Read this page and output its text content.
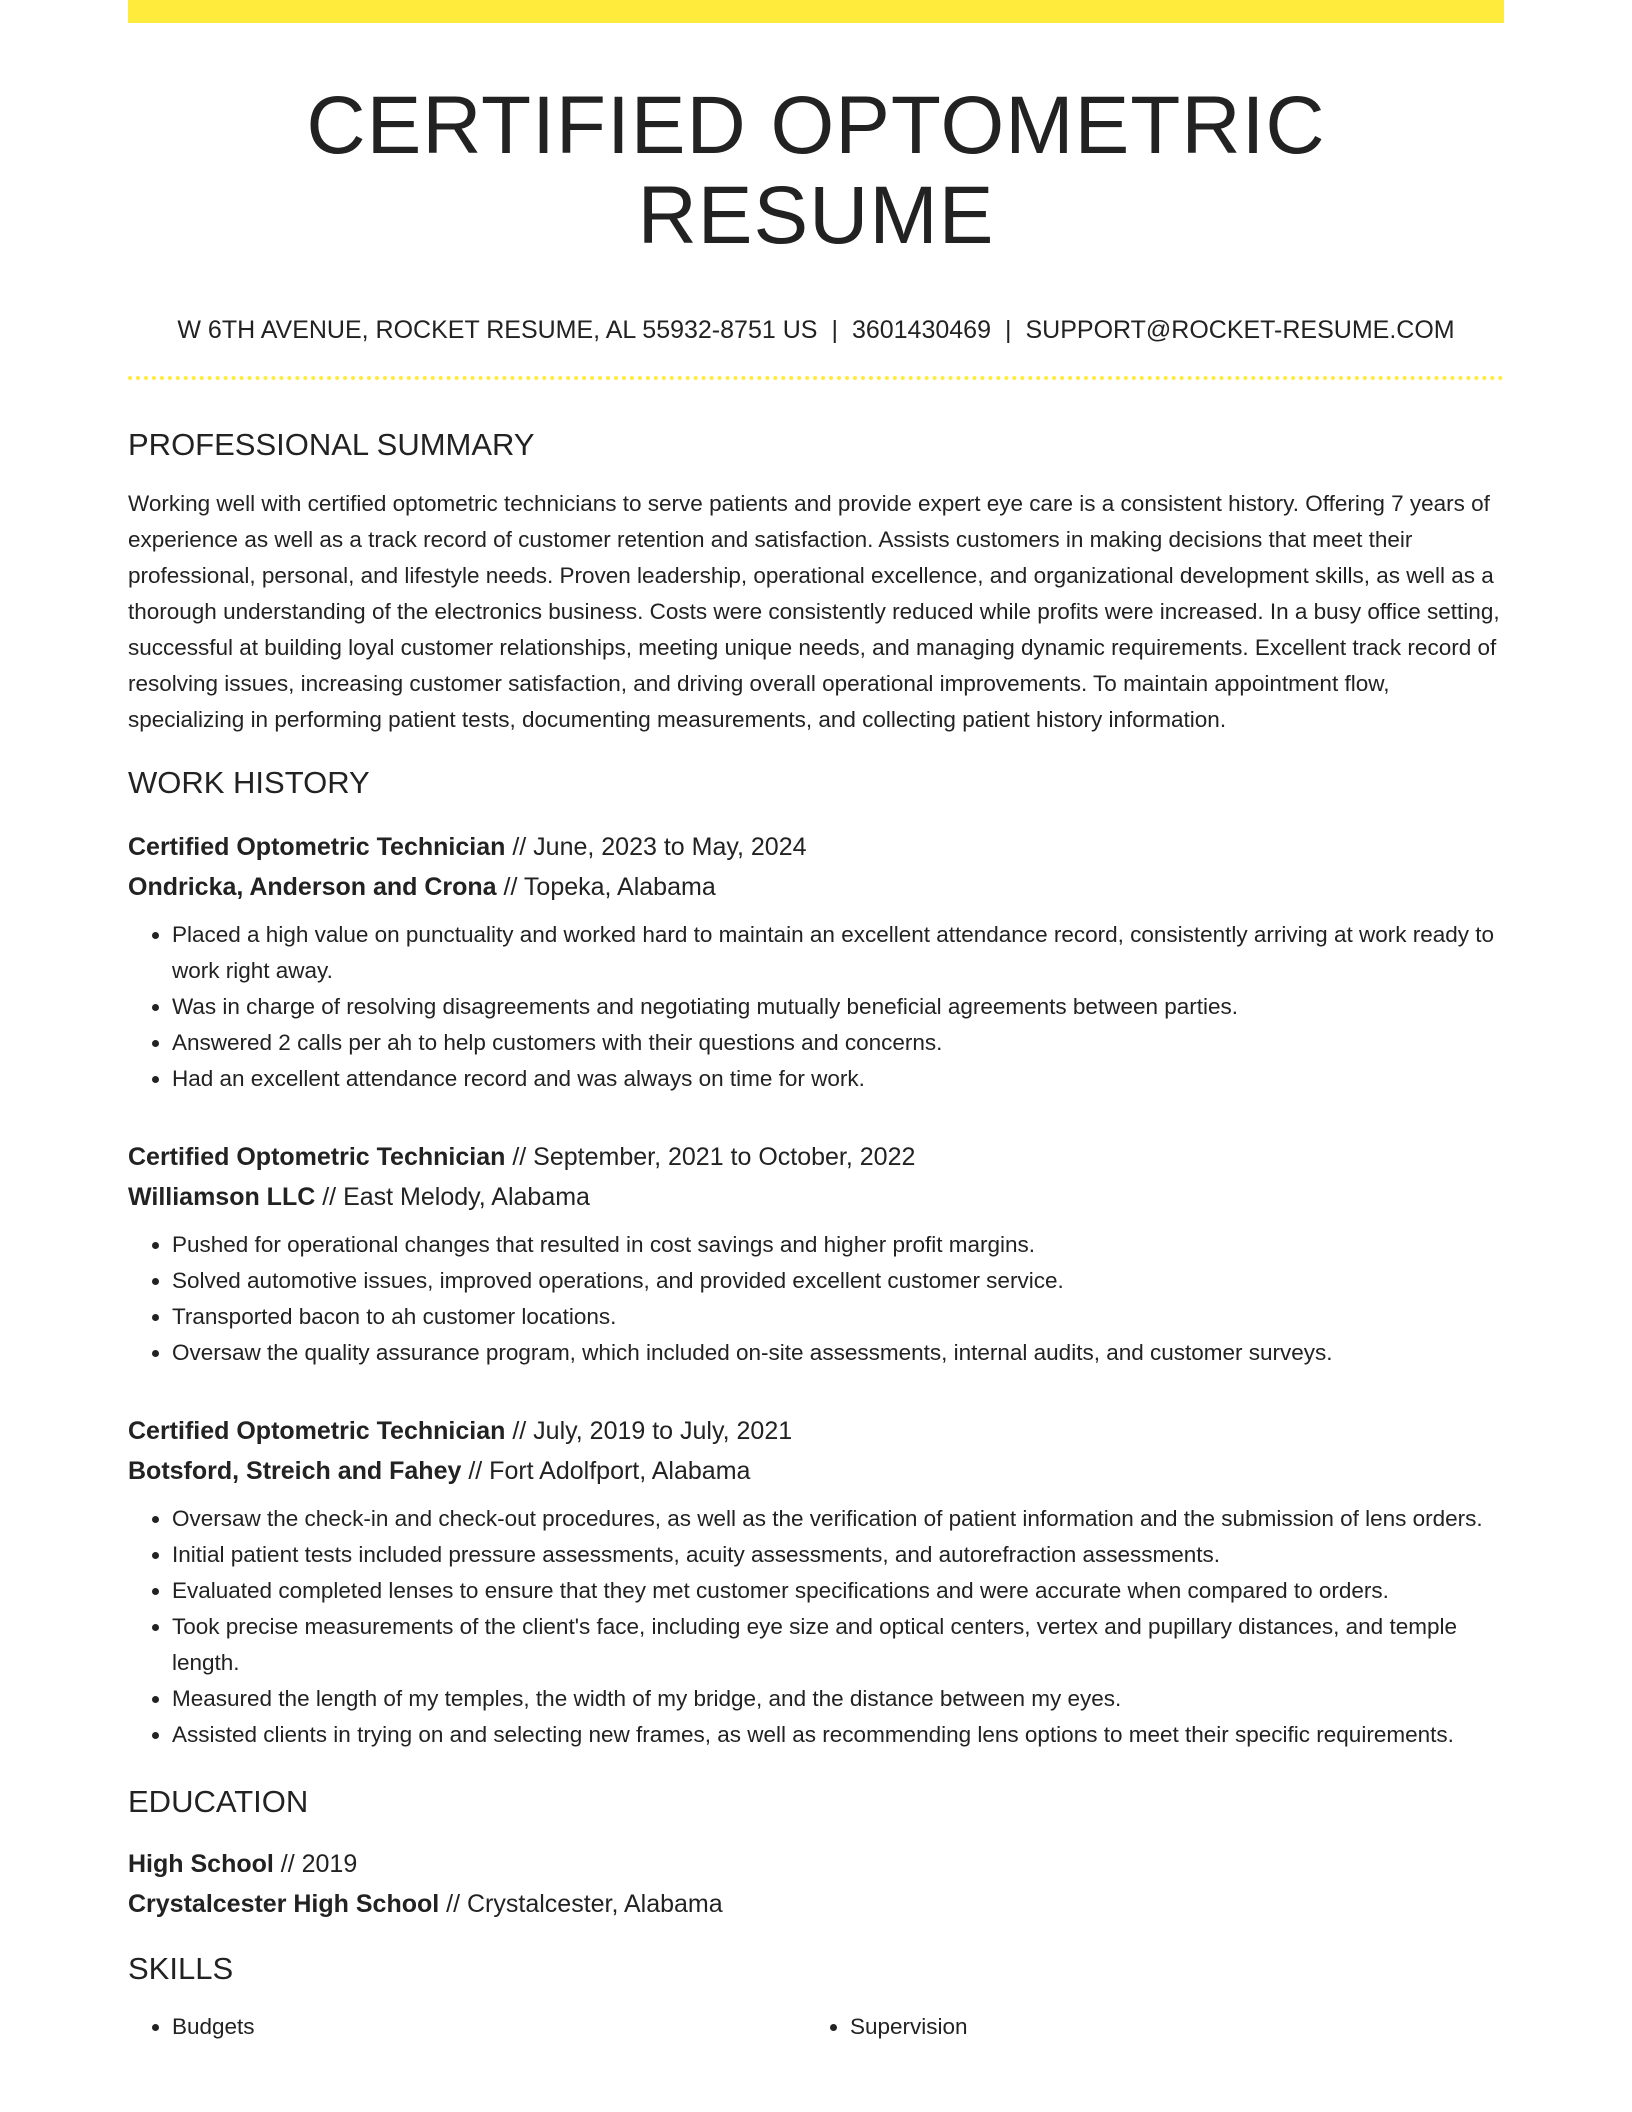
CERTIFIED OPTOMETRIC RESUME
W 6TH AVENUE, ROCKET RESUME, AL 55932-8751 US | 3601430469 | SUPPORT@ROCKET-RESUME.COM
PROFESSIONAL SUMMARY
Working well with certified optometric technicians to serve patients and provide expert eye care is a consistent history. Offering 7 years of experience as well as a track record of customer retention and satisfaction. Assists customers in making decisions that meet their professional, personal, and lifestyle needs. Proven leadership, operational excellence, and organizational development skills, as well as a thorough understanding of the electronics business. Costs were consistently reduced while profits were increased. In a busy office setting, successful at building loyal customer relationships, meeting unique needs, and managing dynamic requirements. Excellent track record of resolving issues, increasing customer satisfaction, and driving overall operational improvements. To maintain appointment flow, specializing in performing patient tests, documenting measurements, and collecting patient history information.
WORK HISTORY
Certified Optometric Technician // June, 2023 to May, 2024
Ondricka, Anderson and Crona // Topeka, Alabama
• Placed a high value on punctuality and worked hard to maintain an excellent attendance record, consistently arriving at work ready to work right away.
• Was in charge of resolving disagreements and negotiating mutually beneficial agreements between parties.
• Answered 2 calls per ah to help customers with their questions and concerns.
• Had an excellent attendance record and was always on time for work.
Certified Optometric Technician // September, 2021 to October, 2022
Williamson LLC // East Melody, Alabama
• Pushed for operational changes that resulted in cost savings and higher profit margins.
• Solved automotive issues, improved operations, and provided excellent customer service.
• Transported bacon to ah customer locations.
• Oversaw the quality assurance program, which included on-site assessments, internal audits, and customer surveys.
Certified Optometric Technician // July, 2019 to July, 2021
Botsford, Streich and Fahey // Fort Adolfport, Alabama
• Oversaw the check-in and check-out procedures, as well as the verification of patient information and the submission of lens orders.
• Initial patient tests included pressure assessments, acuity assessments, and autorefraction assessments.
• Evaluated completed lenses to ensure that they met customer specifications and were accurate when compared to orders.
• Took precise measurements of the client's face, including eye size and optical centers, vertex and pupillary distances, and temple length.
• Measured the length of my temples, the width of my bridge, and the distance between my eyes.
• Assisted clients in trying on and selecting new frames, as well as recommending lens options to meet their specific requirements.
EDUCATION
High School // 2019
Crystalcester High School // Crystalcester, Alabama
SKILLS
• Budgets
•	Supervision
